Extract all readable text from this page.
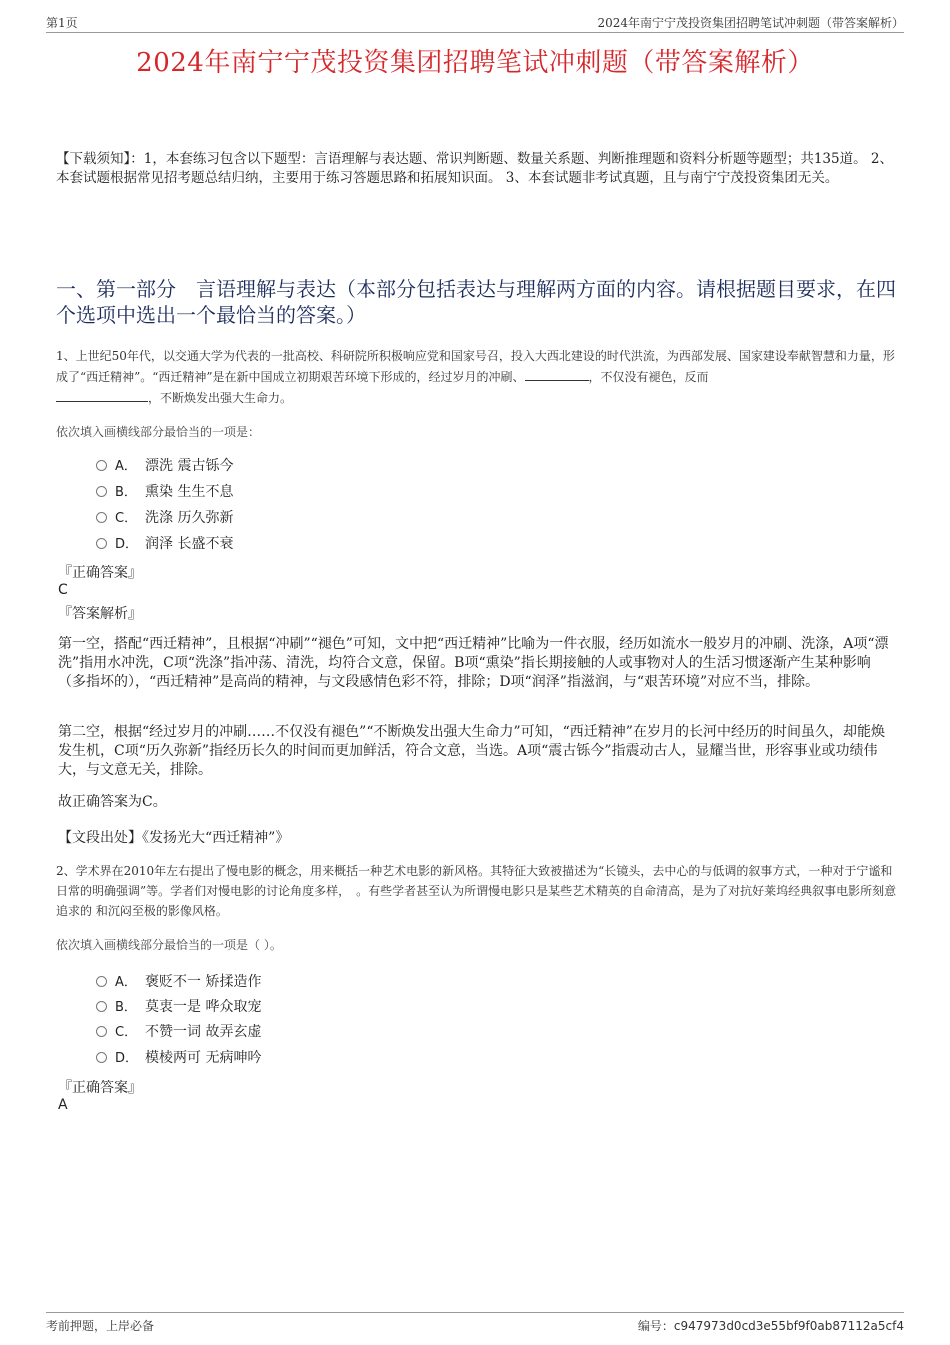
第1页	2024年南宁宁茂投资集团招聘笔试冲刺题（带答案解析）
2024年南宁宁茂投资集团招聘笔试冲刺题（带答案解析）
【下载须知】：1，本套练习包含以下题型：言语理解与表达题、常识判断题、数量关系题、判断推理题和资料分析题等题型；共135道。 2、本套试题根据常见招考题总结归纳，主要用于练习答题思路和拓展知识面。 3、本套试题非考试真题，且与南宁宁茂投资集团无关。
一、第一部分　言语理解与表达（本部分包括表达与理解两方面的内容。请根据题目要求，在四个选项中选出一个最恰当的答案。）
1、上世纪50年代，以交通大学为代表的一批高校、科研院所积极响应党和国家号召，投入大西北建设的时代洪流，为西部发展、国家建设奉献智慧和力量，形成了“西迁精神”。“西迁精神”是在新中国成立初期艰苦环境下形成的，经过岁月的冲刷、	，不仅没有褪色，反而
，不断焕发出强大生命力。
依次填入画横线部分最恰当的一项是：
A． 漂洗 震古铄今
B． 熏染 生生不息
C． 洗涤 历久弥新
D． 润泽 长盛不衰
『正确答案』
C
『答案解析』
第一空，搭配“西迁精神”，且根据“冲刷”“褪色”可知，文中把“西迁精神”比喻为一件衣服，经历如流水一般岁月的冲刷、洗涤，A项“漂洗”指用水冲洗，C项“洗涤”指冲荡、清洗，均符合文意，保留。B项“熏染”指长期接触的人或事物对人的生活习惯逐渐产生某种影响（多指坏的），“西迁精神”是高尚的精神，与文段感情色彩不符，排除；D项“润泽”指滋润，与“艰苦环境”对应不当，排除。
第二空，根据“经过岁月的冲刷……不仅没有褪色”“不断焕发出强大生命力”可知，“西迁精神”在岁月的长河中经历的时间虽久，却能焕发生机，C项“历久弥新”指经历长久的时间而更加鲜活，符合文意，当选。A项“震古铄今”指震动古人，显耀当世，形容事业或功绩伟大，与文意无关，排除。
故正确答案为C。
【文段出处】《发扬光大“西迁精神”》
2、学术界在2010年左右提出了慢电影的概念，用来概括一种艺术电影的新风格。其特征大致被描述为“长镜头，去中心的与低调的叙事方式，一种对于宁谧和日常的明确强调”等。学者们对慢电影的讨论角度多样，　。有些学者甚至认为所谓慢电影只是某些艺术精英的自命清高，是为了对抗好莱坞经典叙事电影所刻意追求的 和沉闷至极的影像风格。
依次填入画横线部分最恰当的一项是（ ）。
A． 褒贬不一 矫揉造作
B． 莫衷一是 哗众取宠
C． 不赞一词 故弄玄虚
D． 模棱两可 无病呻吟
『正确答案』
A
考前押题，上岸必备	编号：c947973d0cd3e55bf9f0ab87112a5cf4
